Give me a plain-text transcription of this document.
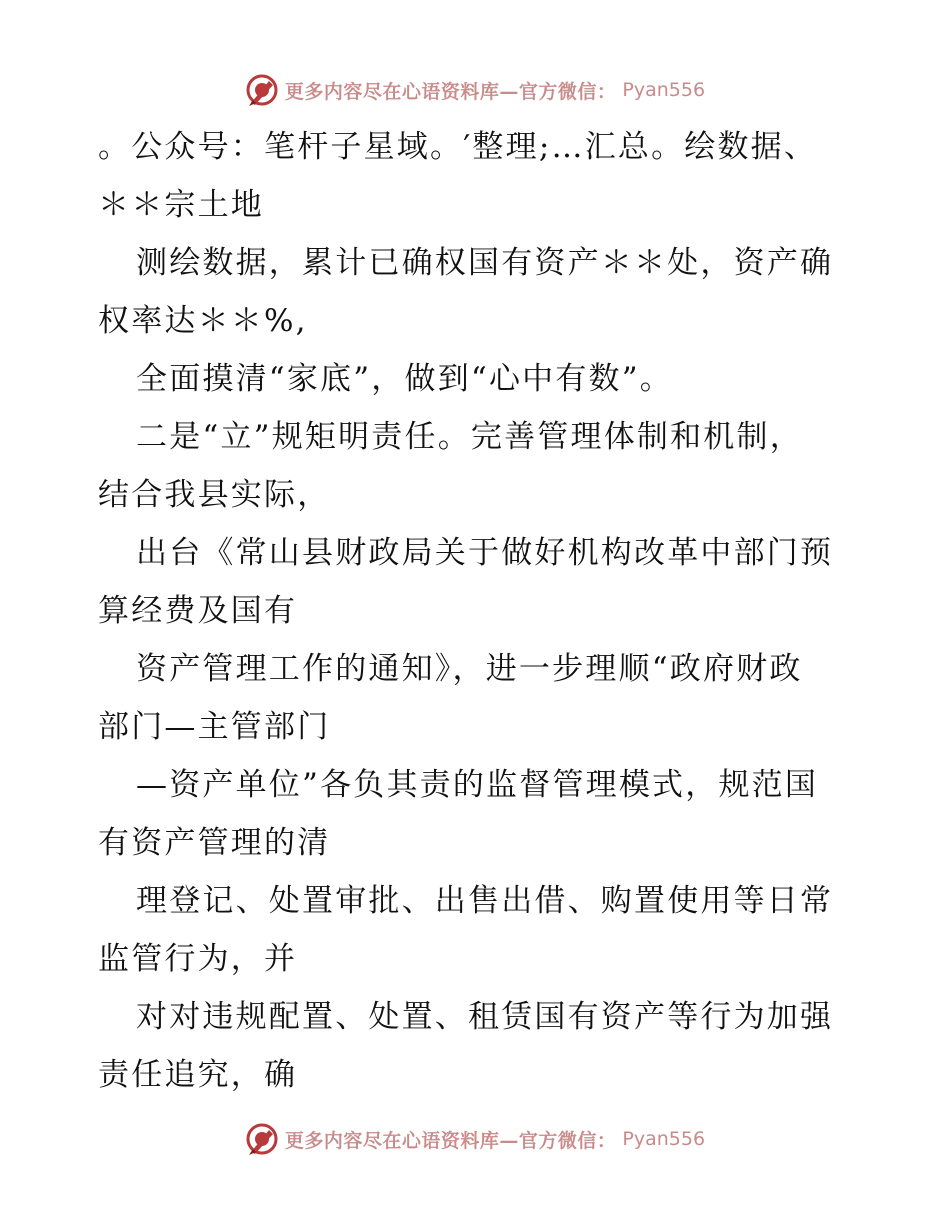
更多内容尽在心语资料库—官方微信： Pyan556
。公众号：笔杆子星域。′整理;…汇总。绘数据、
＊＊宗土地
测绘数据，累计已确权国有资产＊＊处，资产确
权率达＊＊%,
全面摸清“家底”，做到“心中有数”。
二是“立”规矩明责任。完善管理体制和机制，
结合我县实际，
出台《常山县财政局关于做好机构改革中部门预
算经费及国有
资产管理工作的通知》，进一步理顺“政府财政
部门—主管部门
—资产单位”各负其责的监督管理模式，规范国
有资产管理的清
理登记、处置审批、出售出借、购置使用等日常
监管行为，并
对对违规配置、处置、租赁国有资产等行为加强
责任追究，确
更多内容尽在心语资料库—官方微信： Pyan556
